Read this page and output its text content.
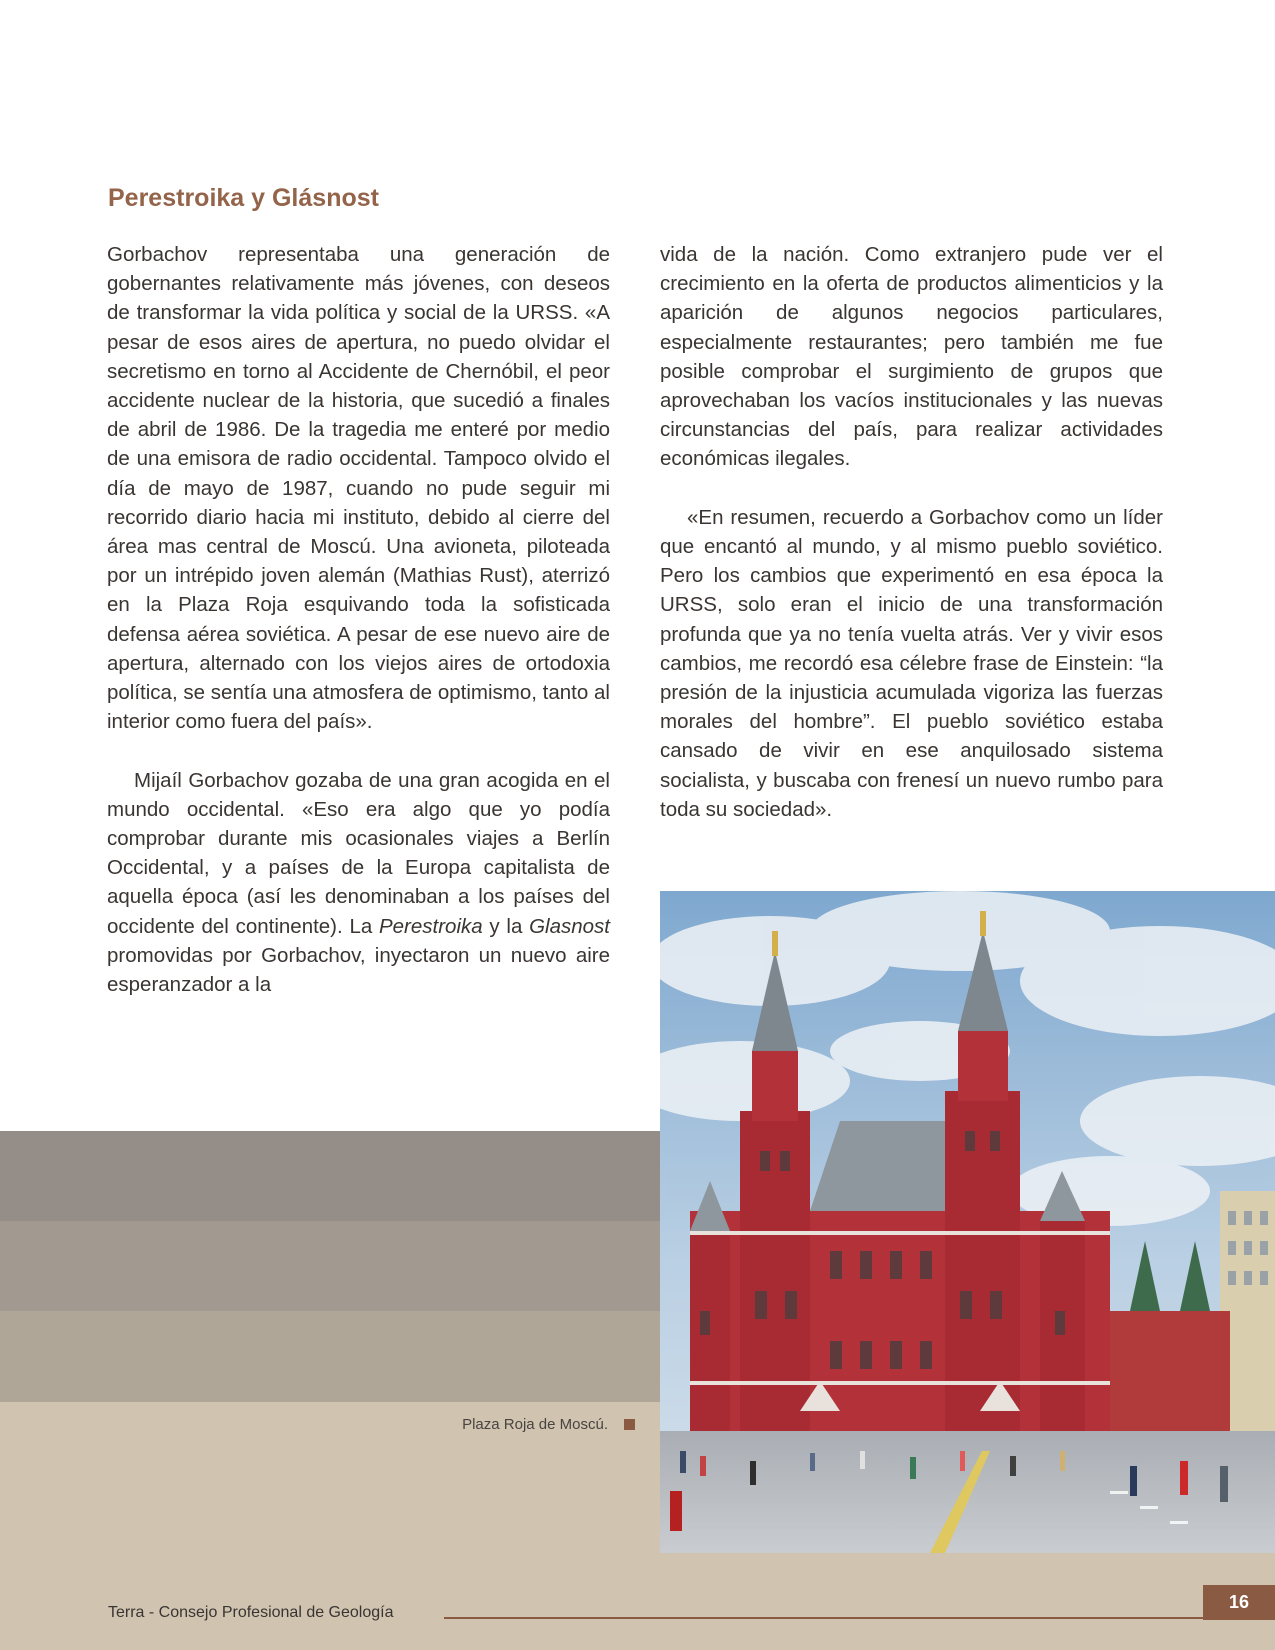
Perestroika y Glásnost

Gorbachov representaba una generación de gobernantes relativamente más jóvenes, con deseos de transformar la vida política y social de la URSS. «A pesar de esos aires de apertura, no puedo olvidar el secretismo en torno al Accidente de Chernóbil, el peor accidente nuclear de la historia, que sucedió a finales de abril de 1986. De la tragedia me enteré por medio de una emisora de radio occidental. Tampoco olvido el día de mayo de 1987, cuando no pude seguir mi recorrido diario hacia mi instituto, debido al cierre del área mas central de Moscú. Una avioneta, piloteada por un intrépido joven alemán (Mathias Rust), aterrizó en la Plaza Roja esquivando toda la sofisticada defensa aérea soviética. A pesar de ese nuevo aire de apertura, alternado con los viejos aires de ortodoxia política, se sentía una atmosfera de optimismo, tanto al interior como fuera del país».

Mijaíl Gorbachov gozaba de una gran acogida en el mundo occidental. «Eso era algo que yo podía comprobar durante mis ocasionales viajes a Berlín Occidental, y a países de la Europa capitalista de aquella época (así les denominaban a los países del occidente del continente). La Perestroika y la Glasnost promovidas por Gorbachov, inyectaron un nuevo aire esperanzador a la

vida de la nación. Como extranjero pude ver el crecimiento en la oferta de productos alimenticios y la aparición de algunos negocios particulares, especialmente restaurantes; pero también me fue posible comprobar el surgimiento de grupos que aprovechaban los vacíos institucionales y las nuevas circunstancias del país, para realizar actividades económicas ilegales.

«En resumen, recuerdo a Gorbachov como un líder que encantó al mundo, y al mismo pueblo soviético. Pero los cambios que experimentó en esa época la URSS, solo eran el inicio de una transformación profunda que ya no tenía vuelta atrás. Ver y vivir esos cambios, me recordó esa célebre frase de Einstein: “la presión de la injusticia acumulada vigoriza las fuerzas morales del hombre”. El pueblo soviético estaba cansado de vivir en ese anquilosado sistema socialista, y buscaba con frenesí un nuevo rumbo para toda su sociedad».

Plaza Roja de Moscú.
Terra - Consejo Profesional de Geología
16
